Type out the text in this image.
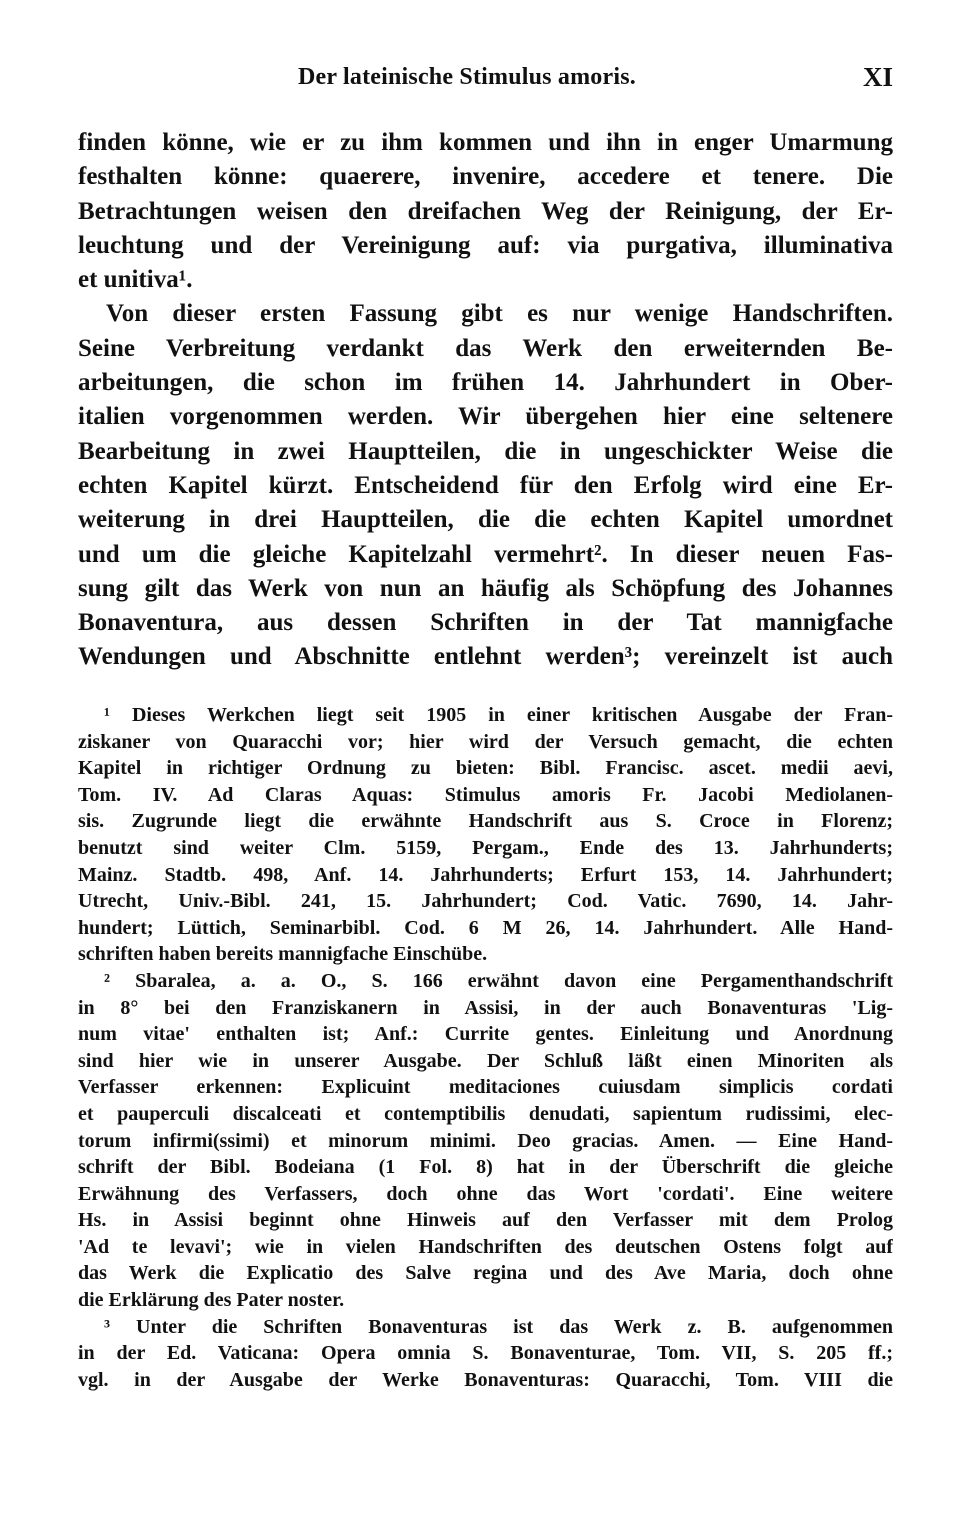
Der lateinische Stimulus amoris.	XI
finden könne, wie er zu ihm kommen und ihn in enger Umarmung
festhalten könne: quaerere, invenire, accedere et tenere. Die
Betrachtungen weisen den dreifachen Weg der Reinigung, der Er-
leuchtung und der Vereinigung auf: via purgativa, illuminativa
et unitiva¹.
Von dieser ersten Fassung gibt es nur wenige Handschriften.
Seine Verbreitung verdankt das Werk den erweiternden Be-
arbeitungen, die schon im frühen 14. Jahrhundert in Ober-
italien vorgenommen werden. Wir übergehen hier eine seltenere
Bearbeitung in zwei Hauptteilen, die in ungeschickter Weise die
echten Kapitel kürzt. Entscheidend für den Erfolg wird eine Er-
weiterung in drei Hauptteilen, die die echten Kapitel umordnet
und um die gleiche Kapitelzahl vermehrt². In dieser neuen Fas-
sung gilt das Werk von nun an häufig als Schöpfung des Johannes
Bonaventura, aus dessen Schriften in der Tat mannigfache
Wendungen und Abschnitte entlehnt werden³; vereinzelt ist auch
¹ Dieses Werkchen liegt seit 1905 in einer kritischen Ausgabe der Fran-
ziskaner von Quaracchi vor; hier wird der Versuch gemacht, die echten
Kapitel in richtiger Ordnung zu bieten: Bibl. Francisc. ascet. medii aevi,
Tom. IV. Ad Claras Aquas: Stimulus amoris Fr. Jacobi Mediolanen-
sis. Zugrunde liegt die erwähnte Handschrift aus S. Croce in Florenz;
benutzt sind weiter Clm. 5159, Pergam., Ende des 13. Jahrhunderts;
Mainz. Stadtb. 498, Anf. 14. Jahrhunderts; Erfurt 153, 14. Jahrhundert;
Utrecht, Univ.-Bibl. 241, 15. Jahrhundert; Cod. Vatic. 7690, 14. Jahr-
hundert; Lüttich, Seminarbibl. Cod. 6 M 26, 14. Jahrhundert. Alle Hand-
schriften haben bereits mannigfache Einschübe.
² Sbaralea, a. a. O., S. 166 erwähnt davon eine Pergamenthandschrift
in 8° bei den Franziskanern in Assisi, in der auch Bonaventuras 'Lig-
num vitae' enthalten ist; Anf.: Currite gentes. Einleitung und Anordnung
sind hier wie in unserer Ausgabe. Der Schluß läßt einen Minoriten als
Verfasser erkennen: Explicuint meditaciones cuiusdam simplicis cordati
et pauperculi discalceati et contemptibilis denudati, sapientum rudissimi, elec-
torum infirmi(ssimi) et minorum minimi. Deo gracias. Amen. — Eine Hand-
schrift der Bibl. Bodeiana (1 Fol. 8) hat in der Überschrift die gleiche
Erwähnung des Verfassers, doch ohne das Wort 'cordati'. Eine weitere
Hs. in Assisi beginnt ohne Hinweis auf den Verfasser mit dem Prolog
'Ad te levavi'; wie in vielen Handschriften des deutschen Ostens folgt auf
das Werk die Explicatio des Salve regina und des Ave Maria, doch ohne
die Erklärung des Pater noster.
³ Unter die Schriften Bonaventuras ist das Werk z. B. aufgenommen
in der Ed. Vaticana: Opera omnia S. Bonaventurae, Tom. VII, S. 205 ff.;
vgl. in der Ausgabe der Werke Bonaventuras: Quaracchi, Tom. VIII die
